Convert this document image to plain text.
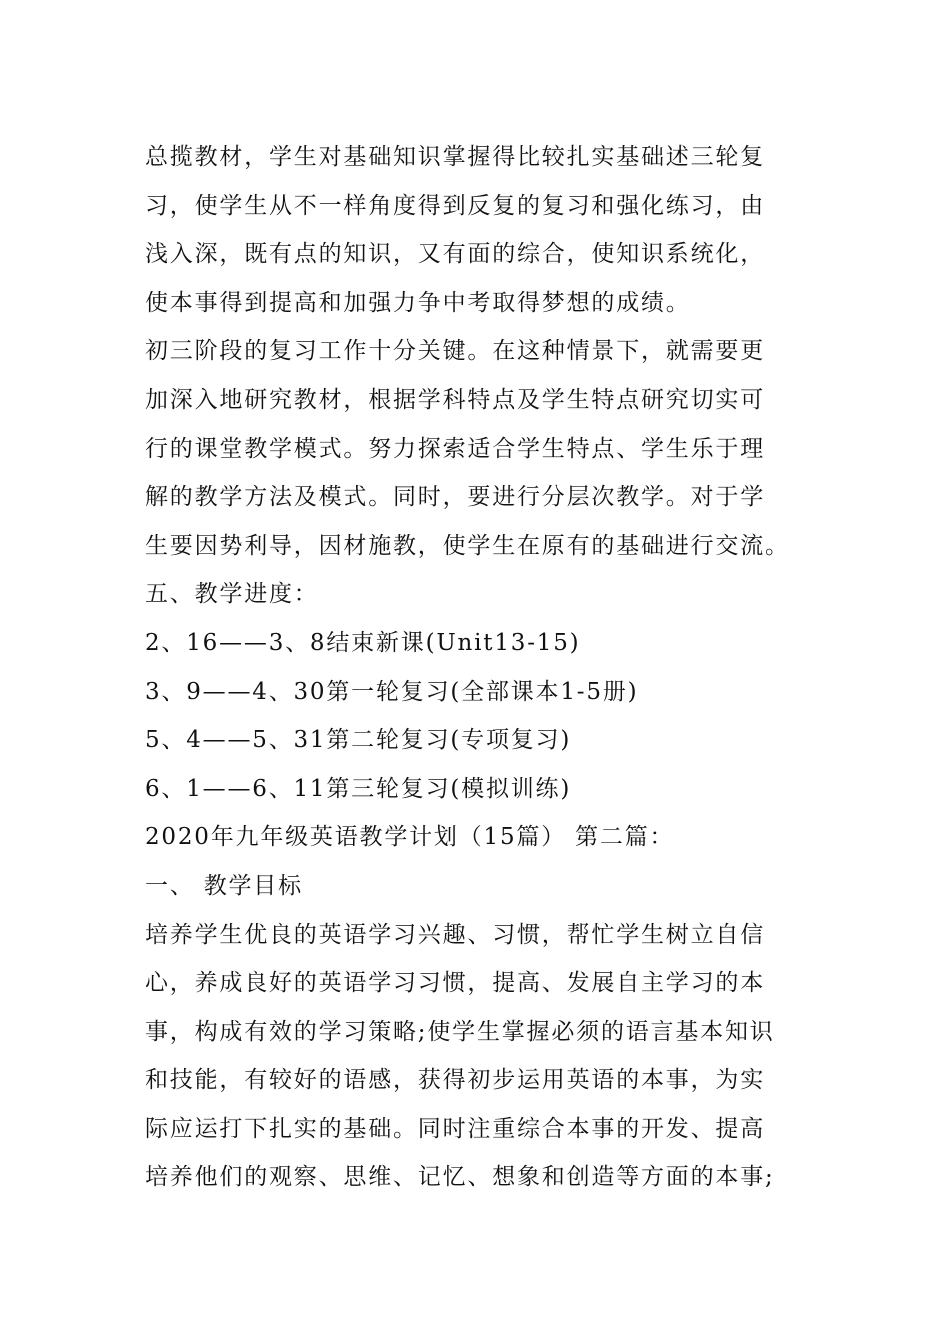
总揽教材，学生对基础知识掌握得比较扎实基础述三轮复
习，使学生从不一样角度得到反复的复习和强化练习，由
浅入深，既有点的知识，又有面的综合，使知识系统化，
使本事得到提高和加强力争中考取得梦想的成绩。
初三阶段的复习工作十分关键。在这种情景下，就需要更
加深入地研究教材，根据学科特点及学生特点研究切实可
行的课堂教学模式。努力探索适合学生特点、学生乐于理
解的教学方法及模式。同时，要进行分层次教学。对于学
生要因势利导，因材施教，使学生在原有的基础进行交流。
五、教学进度：
2、16——3、8结束新课(Unit13-15)
3、9——4、30第一轮复习(全部课本1-5册)
5、4——5、31第二轮复习(专项复习)
6、1——6、11第三轮复习(模拟训练)
2020年九年级英语教学计划（15篇） 第二篇：
一、 教学目标
培养学生优良的英语学习兴趣、习惯，帮忙学生树立自信
心，养成良好的英语学习习惯，提高、发展自主学习的本
事，构成有效的学习策略;使学生掌握必须的语言基本知识
和技能，有较好的语感，获得初步运用英语的本事，为实
际应运打下扎实的基础。同时注重综合本事的开发、提高
培养他们的观察、思维、记忆、想象和创造等方面的本事;
